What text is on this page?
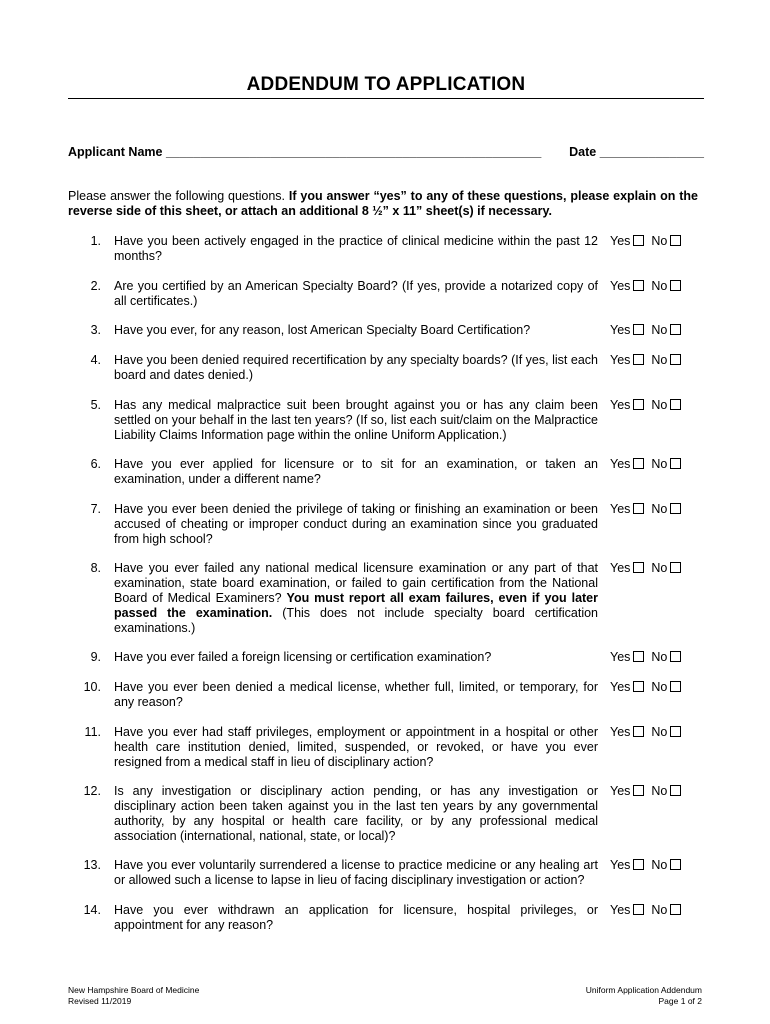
ADDENDUM TO APPLICATION
Applicant Name ______________________________________________________ Date _______________
Please answer the following questions. If you answer “yes” to any of these questions, please explain on the reverse side of this sheet, or attach an additional 8 ½” x 11” sheet(s) if necessary.
1. Have you been actively engaged in the practice of clinical medicine within the past 12 months?
Yes No
2. Are you certified by an American Specialty Board? (If yes, provide a notarized copy of all certificates.)
Yes No
3. Have you ever, for any reason, lost American Specialty Board Certification?	Yes No
4. Have you been denied required recertification by any specialty boards? (If yes, list each board and dates denied.)
Yes No
5. Has any medical malpractice suit been brought against you or has any claim been settled on your behalf in the last ten years? (If so, list each suit/claim on the Malpractice Liability Claims Information page within the online Uniform Application.)
Yes No
6. Have you ever applied for licensure or to sit for an examination, or taken an examination, under a different name?
Yes No
7. Have you ever been denied the privilege of taking or finishing an examination or been accused of cheating or improper conduct during an examination since you graduated from high school?
Yes No
8. Have you ever failed any national medical licensure examination or any part of that examination, state board examination, or failed to gain certification from the National Board of Medical Examiners? You must report all exam failures, even if you later passed the examination. (This does not include specialty board certification examinations.)
Yes No
9. Have you ever failed a foreign licensing or certification examination?	Yes No
10. Have you ever been denied a medical license, whether full, limited, or temporary, for any reason?
Yes No
11. Have you ever had staff privileges, employment or appointment in a hospital or other health care institution denied, limited, suspended, or revoked, or have you ever resigned from a medical staff in lieu of disciplinary action?
Yes No
12. Is any investigation or disciplinary action pending, or has any investigation or disciplinary action been taken against you in the last ten years by any governmental authority, by any hospital or health care facility, or by any professional medical association (international, national, state, or local)?
Yes No
13. Have you ever voluntarily surrendered a license to practice medicine or any healing art or allowed such a license to lapse in lieu of facing disciplinary investigation or action?
Yes No
14. Have you ever withdrawn an application for licensure, hospital privileges, or appointment for any reason?
Yes No
New Hampshire Board of Medicine
Revised 11/2019
Uniform Application Addendum
Page 1 of 2
